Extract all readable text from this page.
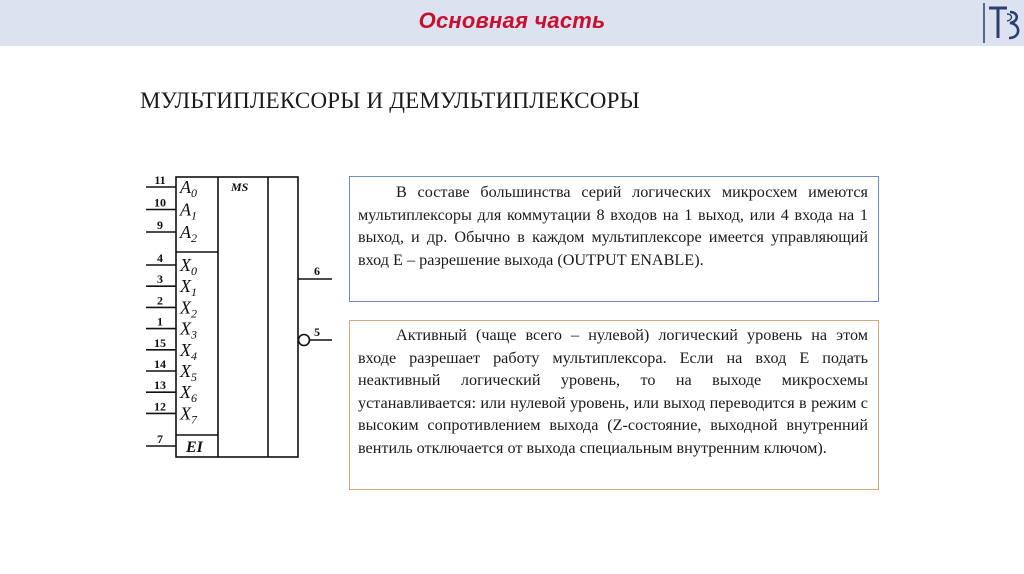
Основная часть
МУЛЬТИПЛЕКСОРЫ И ДЕМУЛЬТИПЛЕКСОРЫ
MS
11 $A_0$
10 $A_1$
9 $A_2$
4 $X_0$
3 $X_1$
2 $X_2$
1 $X_3$
15 $X_4$
14 $X_5$
13 $X_6$
12 $X_7$
7 EI
6
5

В составе большинства серий логических микросхем имеются мультиплексоры для коммутации 8 входов на 1 выход, или 4 входа на 1 выход, и др. Обычно в каждом мультиплексоре имеется управляющий вход Е – разрешение выхода (OUTPUT ENABLE).

Активный (чаще всего – нулевой) логический уровень на этом входе разрешает работу мультиплексора. Если на вход Е подать неактивный логический уровень, то на выходе микросхемы устанавливается: или нулевой уровень, или выход переводится в режим с высоким сопротивлением выхода (Z-состояние, выходной внутренний вентиль отключается от выхода специальным внутренним ключом).
